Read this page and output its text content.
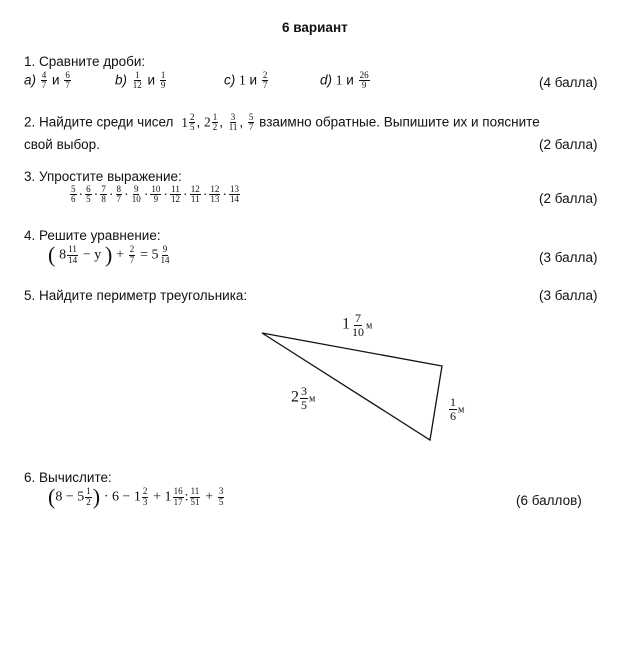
6 вариант
1. Сравните дроби:
$a) \frac{4}{7}$ и $\frac{6}{7}$	$b) \frac{1}{12}$ и $\frac{1}{9}$	c) 1 и $\frac{2}{7}$	d) 1 и $\frac{26}{9}$	(4 балла)
2. Найдите среди чисел $1 \frac{2}{5}$ , $2 \frac{1}{2}$ , $\frac{3}{11}$ , $\frac{5}{7}$ взаимно обратные. Выпишите их и поясните
свой выбор.	(2 балла)
3. Упростите выражение:
$\frac{5}{6} \cdot \frac{6}{5} \cdot \frac{7}{8} \cdot \frac{8}{7} \cdot \frac{9}{10} \cdot \frac{10}{9} \cdot \frac{11}{12} \cdot \frac{12}{11} \cdot \frac{12}{13} \cdot \frac{13}{14}$	(2 балла)
4. Решите уравнение:
( $8 \frac{11}{14} - y$ ) + $\frac{2}{7} = 5 \frac{9}{14}$	(3 балла)
5. Найдите периметр треугольника:	(3 балла)
$1 \frac{7}{10}$ м
$2 \frac{3}{5}$ м	$\frac{1}{6}$ м
6. Вычислите:
($8 - 5 \frac{1}{2}$ ) · $6 - 1 \frac{2}{3} + 1 \frac{16}{17}$ : $\frac{11}{51} + \frac{3}{5}$	(6 баллов)
